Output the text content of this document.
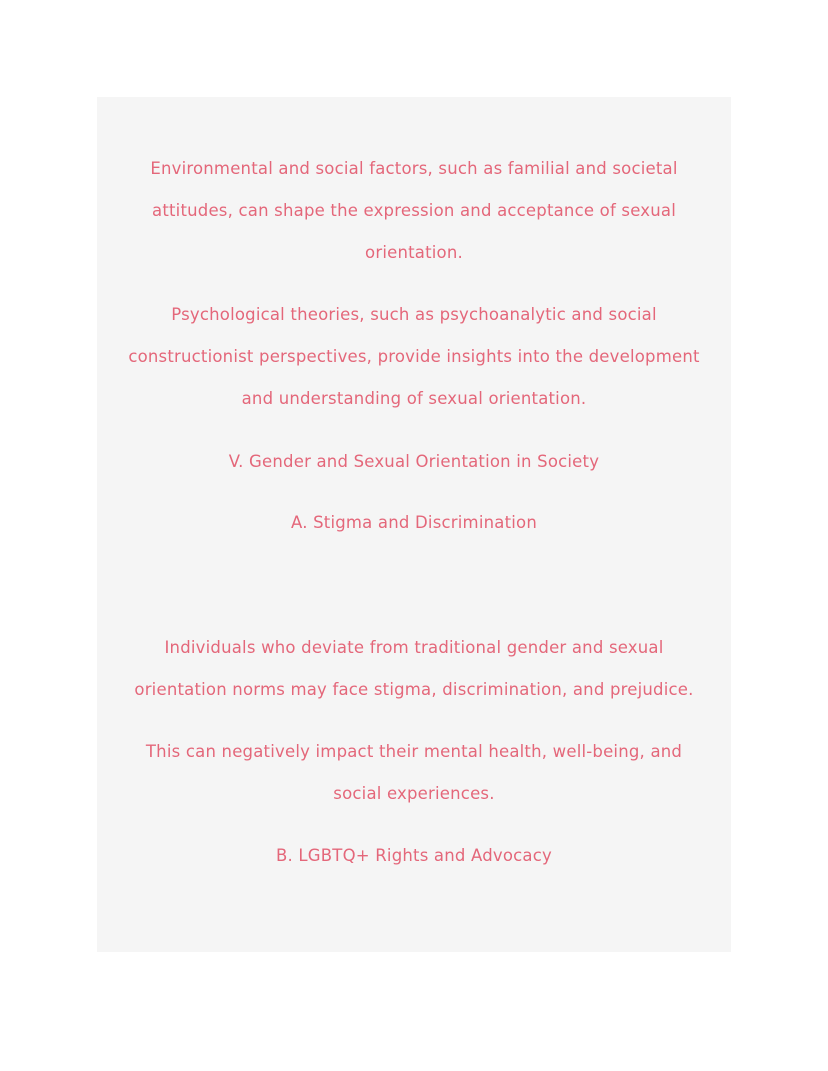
Environmental and social factors, such as familial and societal
attitudes, can shape the expression and acceptance of sexual
orientation.
Psychological theories, such as psychoanalytic and social
constructionist perspectives, provide insights into the development
and understanding of sexual orientation.
V. Gender and Sexual Orientation in Society
A. Stigma and Discrimination
Individuals who deviate from traditional gender and sexual
orientation norms may face stigma, discrimination, and prejudice.
This can negatively impact their mental health, well-being, and
social experiences.
B. LGBTQ+ Rights and Advocacy
